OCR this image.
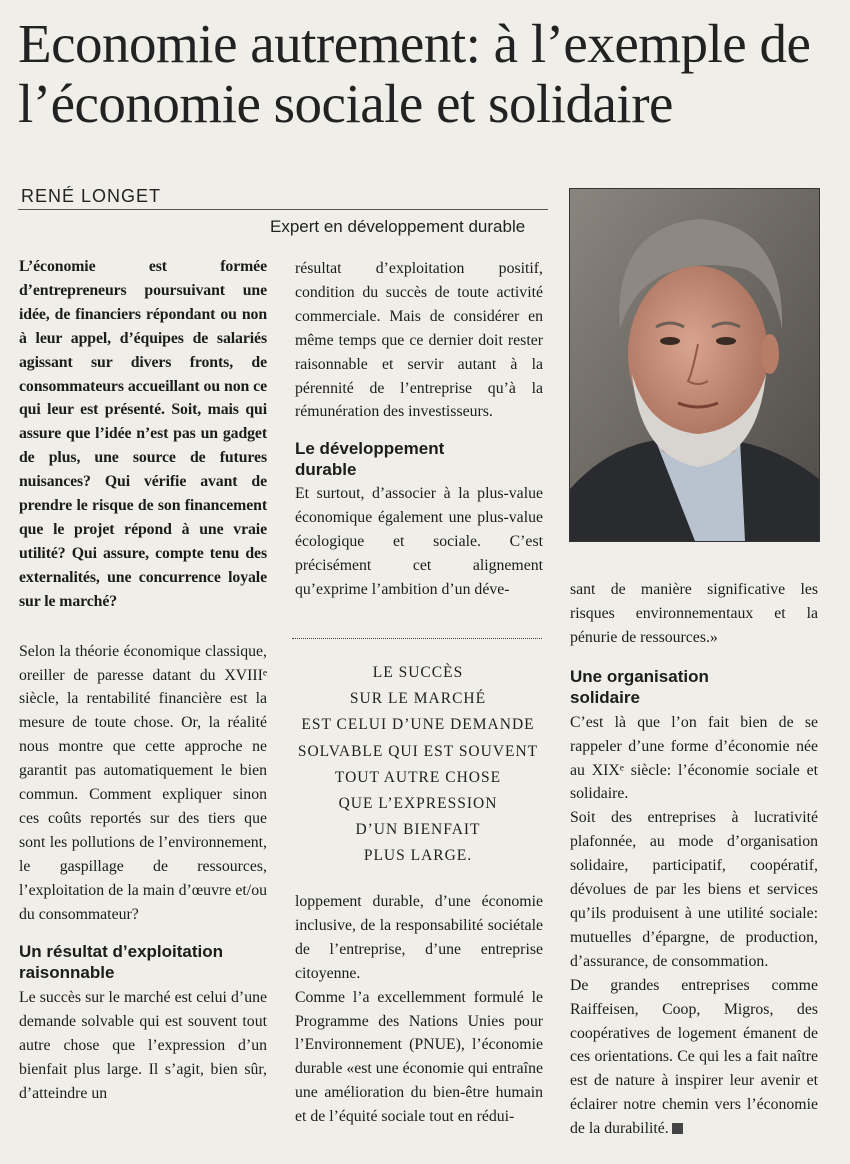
Economie autrement: à l’exemple de l’économie sociale et solidaire
RENÉ LONGET
Expert en développement durable

L’économie est formée d’entrepreneurs poursuivant une idée, de financiers répondant ou non à leur appel, d’équipes de salariés agissant sur divers fronts, de consommateurs accueillant ou non ce qui leur est présenté. Soit, mais qui assure que l’idée n’est pas un gadget de plus, une source de futures nuisances? Qui vérifie avant de prendre le risque de son financement que le projet répond à une vraie utilité? Qui assure, compte tenu des externalités, une concurrence loyale sur le marché?

Selon la théorie économique classique, oreiller de paresse datant du XVIIIᵉ siècle, la rentabilité financière est la mesure de toute chose. Or, la réalité nous montre que cette approche ne garantit pas automatiquement le bien commun. Comment expliquer sinon ces coûts reportés sur des tiers que sont les pollutions de l’environnement, le gaspillage de ressources, l’exploitation de la main d’œuvre et/ou du consommateur?

Un résultat d’exploitation raisonnable

Le succès sur le marché est celui d’une demande solvable qui est souvent tout autre chose que l’expression d’un bienfait plus large. Il s’agit, bien sûr, d’atteindre un

résultat d’exploitation positif, condition du succès de toute activité commerciale. Mais de considérer en même temps que ce dernier doit rester raisonnable et servir autant à la pérennité de l’entreprise qu’à la rémunération des investisseurs.

Le développement durable

Et surtout, d’associer à la plus-value économique également une plus-value écologique et sociale. C’est précisément cet alignement qu’exprime l’ambition d’un déve-

LE SUCCÈS
SUR LE MARCHÉ
EST CELUI D’UNE DEMANDE
SOLVABLE QUI EST SOUVENT
TOUT AUTRE CHOSE
QUE L’EXPRESSION
D’UN BIENFAIT
PLUS LARGE.

loppement durable, d’une économie inclusive, de la responsabilité sociétale de l’entreprise, d’une entreprise citoyenne.

Comme l’a excellemment formulé le Programme des Nations Unies pour l’Environnement (PNUE), l’économie durable «est une économie qui entraîne une amélioration du bien-être humain et de l’équité sociale tout en rédui-

sant de manière significative les risques environnementaux et la pénurie de ressources.»

Une organisation solidaire

C’est là que l’on fait bien de se rappeler d’une forme d’économie née au XIXᵉ siècle: l’économie sociale et solidaire.

Soit des entreprises à lucrativité plafonnée, au mode d’organisation solidaire, participatif, coopératif, dévolues de par les biens et services qu’ils produisent à une utilité sociale: mutuelles d’épargne, de production, d’assurance, de consommation.

De grandes entreprises comme Raiffeisen, Coop, Migros, des coopératives de logement émanent de ces orientations. Ce qui les a fait naître est de nature à inspirer leur avenir et éclairer notre chemin vers l’économie de la durabilité.
